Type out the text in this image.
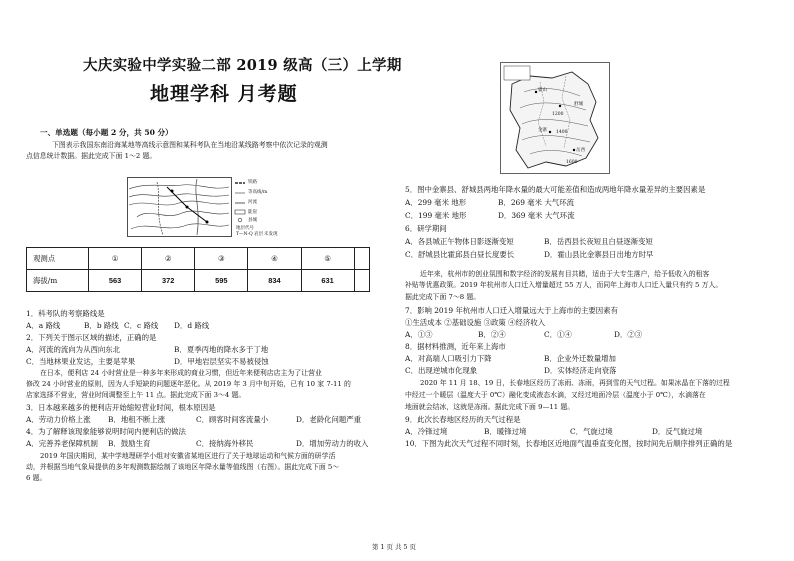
大庆实验中学实验二部 2019 级高（三）上学期
地理学科 月考题
一、单选题（每小题 2 分，共 50 分）
下图表示我国东南沿海某地等高线示意图和某科考队在当地沿某线路考察中依次记录的观测
点信息统计数据。据此完成下面 1～2 题。
铁路
等高线/m
河流
陡崖
县城
地层代号
T—N-Q 岩层 未发现
观测点	①	②	③	④	⑤	
海拔/m	563	372	595	834	631	
1．科考队的考察路线是
A．a 路线	B．b 路线 C．c 路线 D．d 路线
2．下列关于图示区域的描述，正确的是
A．河流的流向为从西向东北	B．夏季丙地的降水多于丁地
C．当地林果业发达，主要是苹果	D．甲地岩层坚实不易被侵蚀
在日本，便利店 24 小时营业是一种多年来形成的商业习惯，但近年来便利店店主为了让营业
修改 24 小时营业的原则，因为人手短缺的问题逐年恶化。从 2019 年 3 月中旬开始，已有 10 家 7-11 的
店家选择不营业，营业时间调整至上午 11 点。据此完成下面 3～4 题。
3．日本越来越多的便利店开始缩短营业时间，根本原因是
A．劳动力价格上涨 B．地租不断上涨	C．顾客时间客流量小	D．老龄化问题严重
4．为了解释该现象能够说明时间内便利店的做法
A．完善养老保障机制 B．鼓励生育	C．接纳海外移民	D．增加劳动力的收入
2019 年国庆期间，某中学地理研学小组对安徽省某地区进行了关于地球运动和气候方面的研学活
动，并根据当地气象局提供的多年观测数据绘制了该地区年降水量等值线图（右图）。据此完成下面 5～
6 题。
霍山
舒城
金寨
岳西
1200
1400
1600
5．图中金寨县、舒城县两地年降水量的最大可能差值和造成两地年降水量差异的主要因素是
A．299 毫米 地形	B．269 毫米 大气环流
C．199 毫米 地形	D．369 毫米 大气环流
6．研学期间
A．各县城正午物体日影逐渐变短	B．岳西县长夜短且白昼逐渐变短
C．舒城县比霍邱县白昼长度要长	D．霍山县比金寨县日出地方时早
近年来，杭州市的创业氛围和数字经济的发展有目共睹，适由于大专生落户，给予低收入的租客
补贴等优惠政策。2019 年杭州市人口迁入增量超过 55 万人，而同年上海市人口迁入量只有约 5 万人。
据此完成下面 7～8 题。
7．影响 2019 年杭州市人口迁入增量远大于上海市的主要因素有
①生活成本 ②基础设施 ③政策 ④经济收入
A．①③	B．②④	C．①④	D．②③
8．据材料推测，近年来上海市
A．对高端人口吸引力下降	B．企业外迁数量增加
C．出现逆城市化现象	D．实体经济走向衰落
2020 年 11 月 18、19 日，长春地区经历了冻雨、冻雨，再到雪的天气过程。如果冰晶在下落的过程
中经过一个暖层（温度大于 0℃）融化变成液态水滴，又经过地面冷层（温度小于 0℃），水滴落在
地面就会结冰，这就是冻雨。据此完成下面 9—11 题。
9．此次长春地区经历的天气过程是
A．冷锋过境	B．暖锋过境	C．气旋过境	D．反气旋过境
10．下图为此次天气过程不同时刻，长春地区近地面气温垂直变化图，按时间先后顺序排列正确的是
第 1 页 共 5 页
